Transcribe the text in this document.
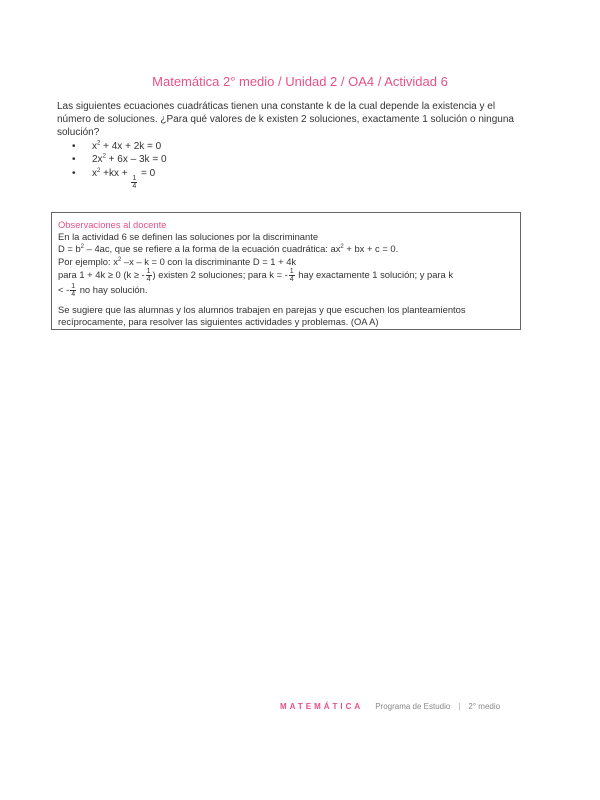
Matemática 2° medio / Unidad 2 / OA4 / Actividad 6
Las siguientes ecuaciones cuadráticas tienen una constante k de la cual depende la existencia y el número de soluciones. ¿Para qué valores de k existen 2 soluciones, exactamente 1 solución o ninguna solución?
• $x^2 + 4x + 2k = 0$
• $2x^2 + 6x - 3k = 0$
• $x^2 +kx$ +
$\frac{1}{4}$
= 0

Observaciones al docente

En la actividad 6 se definen las soluciones por la discriminante

$D = b^2 - 4ac$, que se refiere a la forma de la ecuación cuadrática: $ax^2$ + bx + c = 0.

Por ejemplo: $x^2$ –x – k = 0 con la discriminante D = 1 + 4k

para 1 + 4k ≥ 0 (k ≥ - $\frac{1}{4}$ ) existen 2 soluciones; para k = - $\frac{1}{4}$ hay exactamente 1 solución; y para k

< - $\frac{1}{4}$ no hay solución.

Se sugiere que las alumnas y los alumnos trabajen en parejas y que escuchen los planteamientos recíprocamente, para resolver las siguientes actividades y problemas. (OA A)

MATEMÁTICA Programa de Estudio | 2° medio
